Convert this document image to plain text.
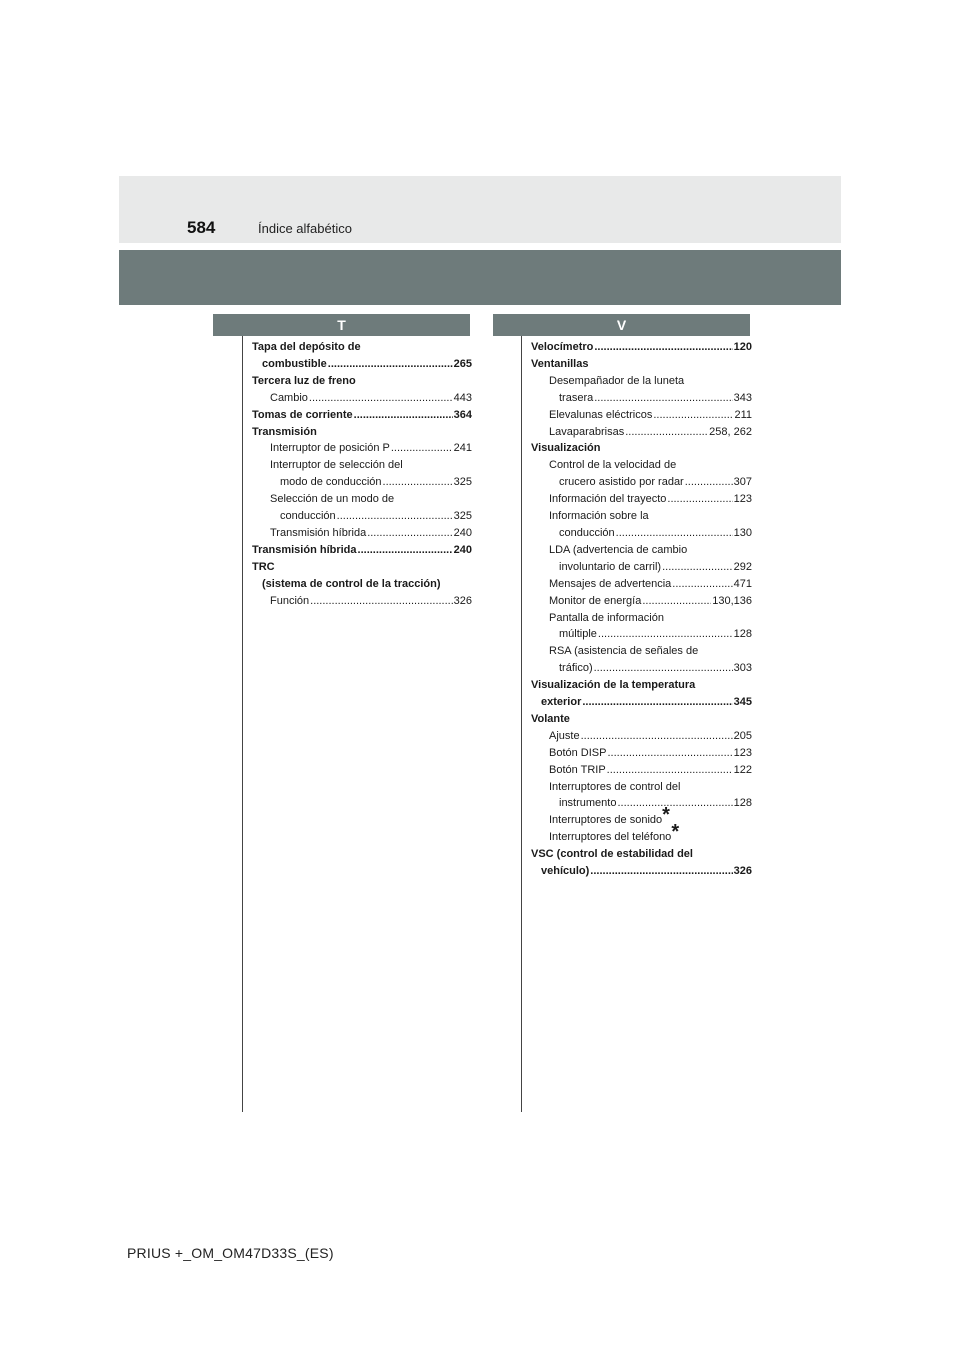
584	Índice alfabético
T	V
Tapa del depósito de
combustible .....	265
Tercera luz de freno
Cambio .....	443
Tomas de corriente .....	364
Transmisión
Interruptor de posición P .....	241
Interruptor de selección del
modo de conducción .....	325
Selección de un modo de
conducción .....	325
Transmisión híbrida .....	240
Transmisión híbrida .....	240
TRC
(sistema de control de la tracción)
Función .....	326
Velocímetro .....	120
Ventanillas
Desempañador de la luneta
trasera .....	343
Elevalunas eléctricos .....	211
Lavaparabrisas .....	258, 262
Visualización
Control de la velocidad de
crucero asistido por radar .....	307
Información del trayecto .....	123
Información sobre la
conducción .....	130
LDA (advertencia de cambio
involuntario de carril) .....	292
Mensajes de advertencia .....	471
Monitor de energía .....	130,136
Pantalla de información
múltiple .....	128
RSA (asistencia de señales de
tráfico) .....	303
Visualización de la temperatura
exterior .....	345
Volante
Ajuste .....	205
Botón DISP .....	123
Botón TRIP .....	122
Interruptores de control del
instrumento .....	128
Interruptores de sonido*
Interruptores del teléfono*
VSC (control de estabilidad del
vehículo) .....	326
PRIUS +_OM_OM47D33S_(ES)
